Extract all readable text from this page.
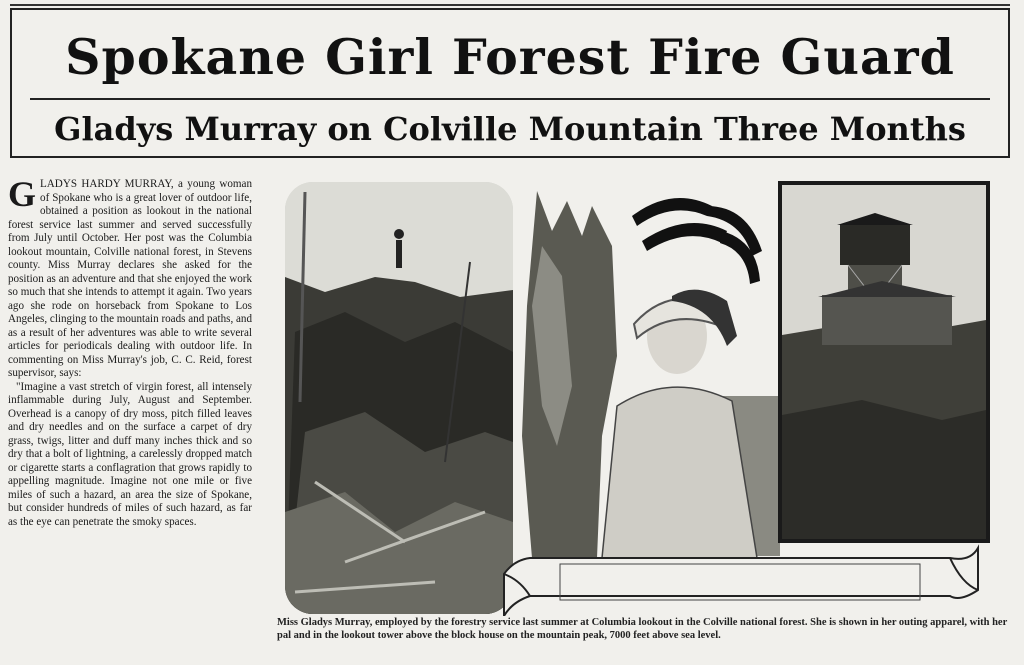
Spokane Girl Forest Fire Guard
Gladys Murray on Colville Mountain Three Months

GLADYS HARDY MURRAY, a young woman of Spokane who is a great lover of outdoor life, obtained a position as lookout in the national forest service last summer and served successfully from July until October. Her post was the Columbia lookout mountain, Colville national forest, in Stevens county. Miss Murray declares she asked for the position as an adventure and that she enjoyed the work so much that she intends to attempt it again. Two years ago she rode on horseback from Spokane to Los Angeles, clinging to the mountain roads and paths, and as a result of her adventures was able to write several articles for periodicals dealing with outdoor life. In commenting on Miss Murray's job, C. C. Reid, forest supervisor, says:

"Imagine a vast stretch of virgin forest, all intensely inflammable during July, August and September. Overhead is a canopy of dry moss, pitch filled leaves and dry needles and on the surface a carpet of dry grass, twigs, litter and duff many inches thick and so dry that a bolt of lightning, a carelessly dropped match or cigarette starts a conflagration that grows rapidly to appelling magnitude. Imagine not one mile or five miles of such a hazard, an area the size of Spokane, but consider hundreds of miles of such hazard, as far as the eye can penetrate the smoky spaces.

Miss Gladys Murray, employed by the forestry service last summer at Columbia lookout in the Colville national forest. She is shown in her outing apparel, with her pal and in the lookout tower above the block house on the mountain peak, 7000 feet above sea level.
